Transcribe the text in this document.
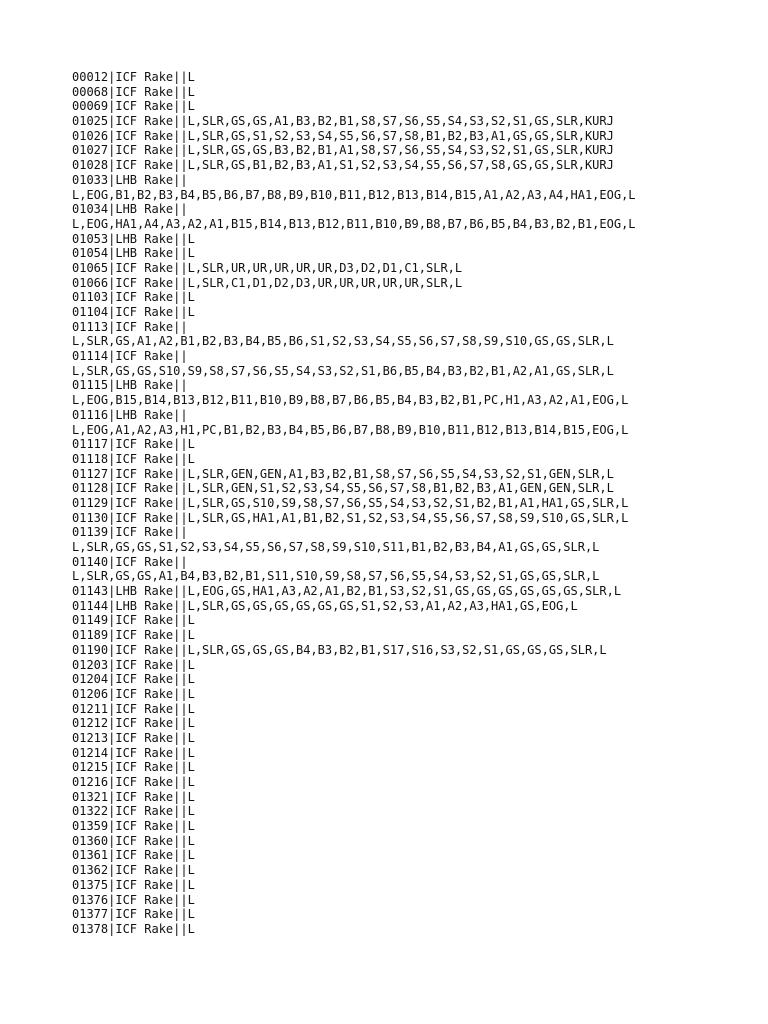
00012|ICF Rake||L
00068|ICF Rake||L
00069|ICF Rake||L
01025|ICF Rake||L,SLR,GS,GS,A1,B3,B2,B1,S8,S7,S6,S5,S4,S3,S2,S1,GS,SLR,KURJ
01026|ICF Rake||L,SLR,GS,S1,S2,S3,S4,S5,S6,S7,S8,B1,B2,B3,A1,GS,GS,SLR,KURJ
01027|ICF Rake||L,SLR,GS,GS,B3,B2,B1,A1,S8,S7,S6,S5,S4,S3,S2,S1,GS,SLR,KURJ
01028|ICF Rake||L,SLR,GS,B1,B2,B3,A1,S1,S2,S3,S4,S5,S6,S7,S8,GS,GS,SLR,KURJ
01033|LHB Rake||
L,EOG,B1,B2,B3,B4,B5,B6,B7,B8,B9,B10,B11,B12,B13,B14,B15,A1,A2,A3,A4,HA1,EOG,L
01034|LHB Rake||
L,EOG,HA1,A4,A3,A2,A1,B15,B14,B13,B12,B11,B10,B9,B8,B7,B6,B5,B4,B3,B2,B1,EOG,L
01053|LHB Rake||L
01054|LHB Rake||L
01065|ICF Rake||L,SLR,UR,UR,UR,UR,UR,D3,D2,D1,C1,SLR,L
01066|ICF Rake||L,SLR,C1,D1,D2,D3,UR,UR,UR,UR,UR,SLR,L
01103|ICF Rake||L
01104|ICF Rake||L
01113|ICF Rake||
L,SLR,GS,A1,A2,B1,B2,B3,B4,B5,B6,S1,S2,S3,S4,S5,S6,S7,S8,S9,S10,GS,GS,SLR,L
01114|ICF Rake||
L,SLR,GS,GS,S10,S9,S8,S7,S6,S5,S4,S3,S2,S1,B6,B5,B4,B3,B2,B1,A2,A1,GS,SLR,L
01115|LHB Rake||
L,EOG,B15,B14,B13,B12,B11,B10,B9,B8,B7,B6,B5,B4,B3,B2,B1,PC,H1,A3,A2,A1,EOG,L
01116|LHB Rake||
L,EOG,A1,A2,A3,H1,PC,B1,B2,B3,B4,B5,B6,B7,B8,B9,B10,B11,B12,B13,B14,B15,EOG,L
01117|ICF Rake||L
01118|ICF Rake||L
01127|ICF Rake||L,SLR,GEN,GEN,A1,B3,B2,B1,S8,S7,S6,S5,S4,S3,S2,S1,GEN,SLR,L
01128|ICF Rake||L,SLR,GEN,S1,S2,S3,S4,S5,S6,S7,S8,B1,B2,B3,A1,GEN,GEN,SLR,L
01129|ICF Rake||L,SLR,GS,S10,S9,S8,S7,S6,S5,S4,S3,S2,S1,B2,B1,A1,HA1,GS,SLR,L
01130|ICF Rake||L,SLR,GS,HA1,A1,B1,B2,S1,S2,S3,S4,S5,S6,S7,S8,S9,S10,GS,SLR,L
01139|ICF Rake||
L,SLR,GS,GS,S1,S2,S3,S4,S5,S6,S7,S8,S9,S10,S11,B1,B2,B3,B4,A1,GS,GS,SLR,L
01140|ICF Rake||
L,SLR,GS,GS,A1,B4,B3,B2,B1,S11,S10,S9,S8,S7,S6,S5,S4,S3,S2,S1,GS,GS,SLR,L
01143|LHB Rake||L,EOG,GS,HA1,A3,A2,A1,B2,B1,S3,S2,S1,GS,GS,GS,GS,GS,GS,SLR,L
01144|LHB Rake||L,SLR,GS,GS,GS,GS,GS,GS,S1,S2,S3,A1,A2,A3,HA1,GS,EOG,L
01149|ICF Rake||L
01189|ICF Rake||L
01190|ICF Rake||L,SLR,GS,GS,GS,B4,B3,B2,B1,S17,S16,S3,S2,S1,GS,GS,GS,SLR,L
01203|ICF Rake||L
01204|ICF Rake||L
01206|ICF Rake||L
01211|ICF Rake||L
01212|ICF Rake||L
01213|ICF Rake||L
01214|ICF Rake||L
01215|ICF Rake||L
01216|ICF Rake||L
01321|ICF Rake||L
01322|ICF Rake||L
01359|ICF Rake||L
01360|ICF Rake||L
01361|ICF Rake||L
01362|ICF Rake||L
01375|ICF Rake||L
01376|ICF Rake||L
01377|ICF Rake||L
01378|ICF Rake||L
